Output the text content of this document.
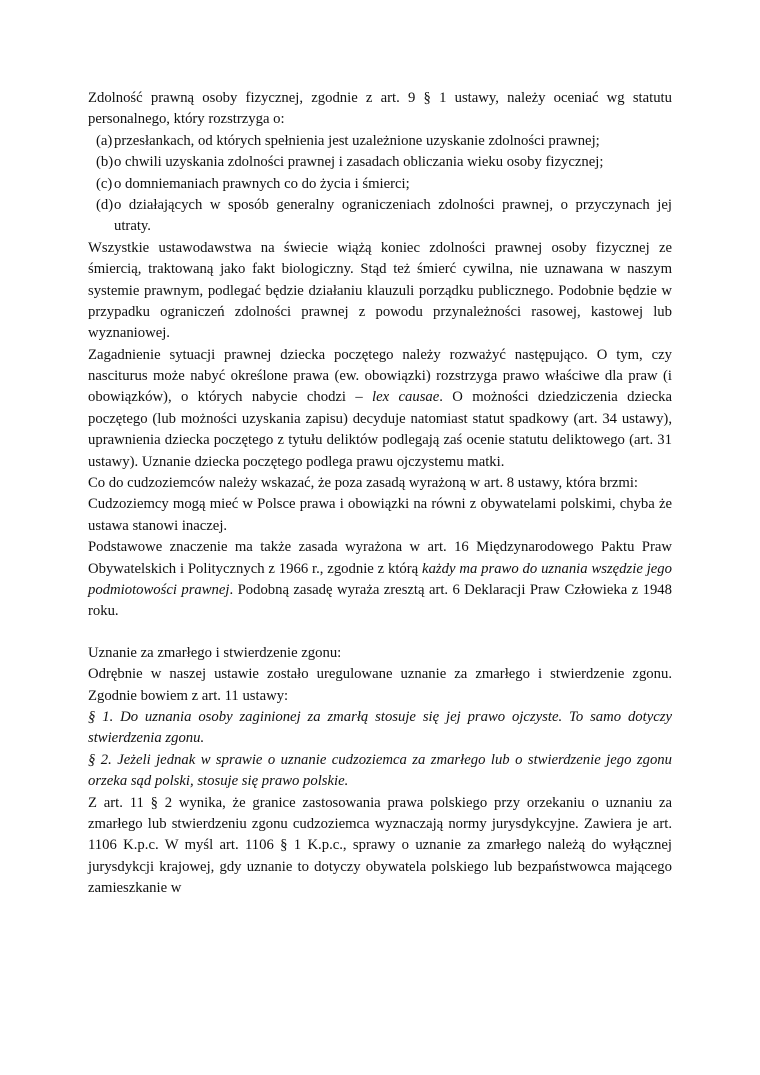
Zdolność prawną osoby fizycznej, zgodnie z art. 9 § 1 ustawy, należy oceniać wg statutu personalnego, który rozstrzyga o:

(a) przesłankach, od których spełnienia jest uzależnione uzyskanie zdolności prawnej;
(b) o chwili uzyskania zdolności prawnej i zasadach obliczania wieku osoby fizycznej;
(c) o domniemaniach prawnych co do życia i śmierci;
(d) o działających w sposób generalny ograniczeniach zdolności prawnej, o przyczynach jej utraty.

Wszystkie ustawodawstwa na świecie wiążą koniec zdolności prawnej osoby fizycznej ze śmiercią, traktowaną jako fakt biologiczny. Stąd też śmierć cywilna, nie uznawana w naszym systemie prawnym, podlegać będzie działaniu klauzuli porządku publicznego. Podobnie będzie w przypadku ograniczeń zdolności prawnej z powodu przynależności rasowej, kastowej lub wyznaniowej.

Zagadnienie sytuacji prawnej dziecka poczętego należy rozważyć następująco. O tym, czy nasciturus może nabyć określone prawa (ew. obowiązki) rozstrzyga prawo właściwe dla praw (i obowiązków), o których nabycie chodzi – lex causae. O możności dziedziczenia dziecka poczętego (lub możności uzyskania zapisu) decyduje natomiast statut spadkowy (art. 34 ustawy), uprawnienia dziecka poczętego z tytułu deliktów podlegają zaś ocenie statutu deliktowego (art. 31 ustawy). Uznanie dziecka poczętego podlega prawu ojczystemu matki.

Co do cudzoziemców należy wskazać, że poza zasadą wyrażoną w art. 8 ustawy, która brzmi:

Cudzoziemcy mogą mieć w Polsce prawa i obowiązki na równi z obywatelami polskimi, chyba że ustawa stanowi inaczej.

Podstawowe znaczenie ma także zasada wyrażona w art. 16 Międzynarodowego Paktu Praw Obywatelskich i Politycznych z 1966 r., zgodnie z którą każdy ma prawo do uznania wszędzie jego podmiotowości prawnej. Podobną zasadę wyraża zresztą art. 6 Deklaracji Praw Człowieka z 1948 roku.

Uznanie za zmarłego i stwierdzenie zgonu:

Odrębnie w naszej ustawie zostało uregulowane uznanie za zmarłego i stwierdzenie zgonu. Zgodnie bowiem z art. 11 ustawy:

§ 1. Do uznania osoby zaginionej za zmarłą stosuje się jej prawo ojczyste. To samo dotyczy stwierdzenia zgonu.

§ 2. Jeżeli jednak w sprawie o uznanie cudzoziemca za zmarłego lub o stwierdzenie jego zgonu orzeka sąd polski, stosuje się prawo polskie.

Z art. 11 § 2 wynika, że granice zastosowania prawa polskiego przy orzekaniu o uznaniu za zmarłego lub stwierdzeniu zgonu cudzoziemca wyznaczają normy jurysdykcyjne. Zawiera je art. 1106 K.p.c. W myśl art. 1106 § 1 K.p.c., sprawy o uznanie za zmarłego należą do wyłącznej jurysdykcji krajowej, gdy uznanie to dotyczy obywatela polskiego lub bezpaństwowca mającego zamieszkanie w
